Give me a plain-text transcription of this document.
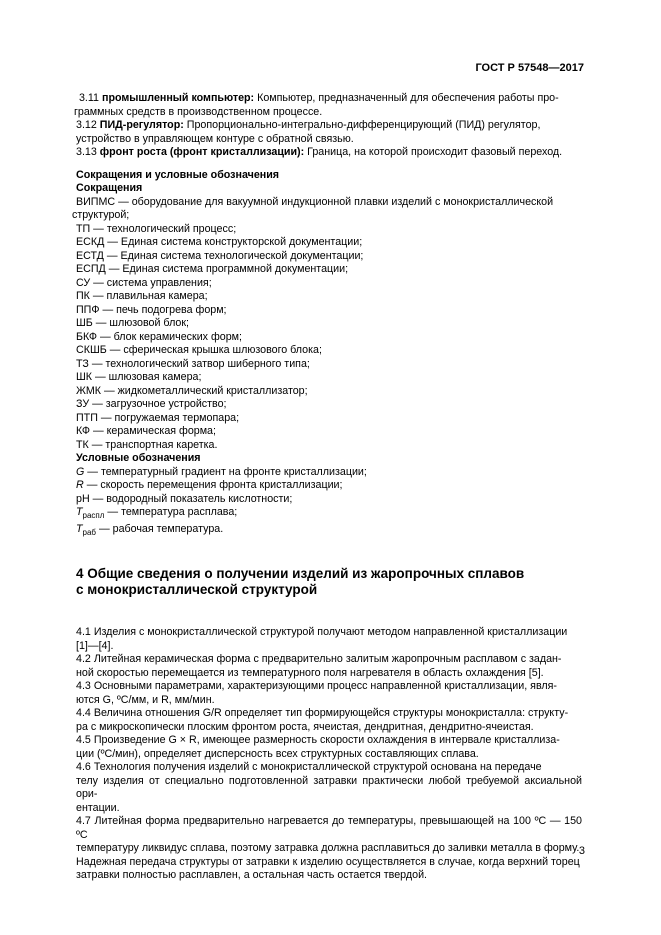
ГОСТ Р 57548—2017
3.11 промышленный компьютер: Компьютер, предназначенный для обеспечения работы про-
граммных средств в производственном процессе.
3.12 ПИД-регулятор: Пропорционально-интегрально-дифференцирующий (ПИД) регулятор,
устройство в управляющем контуре с обратной связью.
3.13 фронт роста (фронт кристаллизации): Граница, на которой происходит фазовый переход.
Сокращения и условные обозначения
Сокращения
ВИПМС — оборудование для вакуумной индукционной плавки изделий с монокристаллической
структурой;
ТП — технологический процесс;
ЕСКД — Единая система конструкторской документации;
ЕСТД — Единая система технологической документации;
ЕСПД — Единая система программной документации;
СУ — система управления;
ПК — плавильная камера;
ППФ — печь подогрева форм;
ШБ — шлюзовой блок;
БКФ — блок керамических форм;
СКШБ — сферическая крышка шлюзового блока;
ТЗ — технологический затвор шиберного типа;
ШК — шлюзовая камера;
ЖМК — жидкометаллический кристаллизатор;
ЗУ — загрузочное устройство;
ПТП — погружаемая термопара;
КФ — керамическая форма;
ТК — транспортная каретка.
Условные обозначения
G — температурный градиент на фронте кристаллизации;
R — скорость перемещения фронта кристаллизации;
pH — водородный показатель кислотности;
$T_{распл}$ — температура расплава;
$T_{раб}$ — рабочая температура.
4 Общие сведения о получении изделий из жаропрочных сплавов
с монокристаллической структурой
4.1 Изделия с монокристаллической структурой получают методом направленной кристаллизации
[1]—[4].
4.2 Литейная керамическая форма с предварительно залитым жаропрочным расплавом с задан-
ной скоростью перемещается из температурного поля нагревателя в область охлаждения [5].
4.3 Основными параметрами, характеризующими процесс направленной кристаллизации, явля-
ются G, ºС/мм, и R, мм/мин.
4.4 Величина отношения G/R определяет тип формирующейся структуры монокристалла: структу-
ра с микроскопически плоским фронтом роста, ячеистая, дендритная, дендритно-ячеистая.
4.5 Произведение G × R, имеющее размерность скорости охлаждения в интервале кристаллиза-
ции (ºС/мин), определяет дисперсность всех структурных составляющих сплава.
4.6 Технология получения изделий с монокристаллической структурой основана на передаче
телу изделия от специально подготовленной затравки практически любой требуемой аксиальной ори-
ентации.
4.7 Литейная форма предварительно нагревается до температуры, превышающей на 100 ºС — 150 ºС
температуру ликвидус сплава, поэтому затравка должна расплавиться до заливки металла в форму.
Надежная передача структуры от затравки к изделию осуществляется в случае, когда верхний торец
затравки полностью расплавлен, а остальная часть остается твердой.
3
